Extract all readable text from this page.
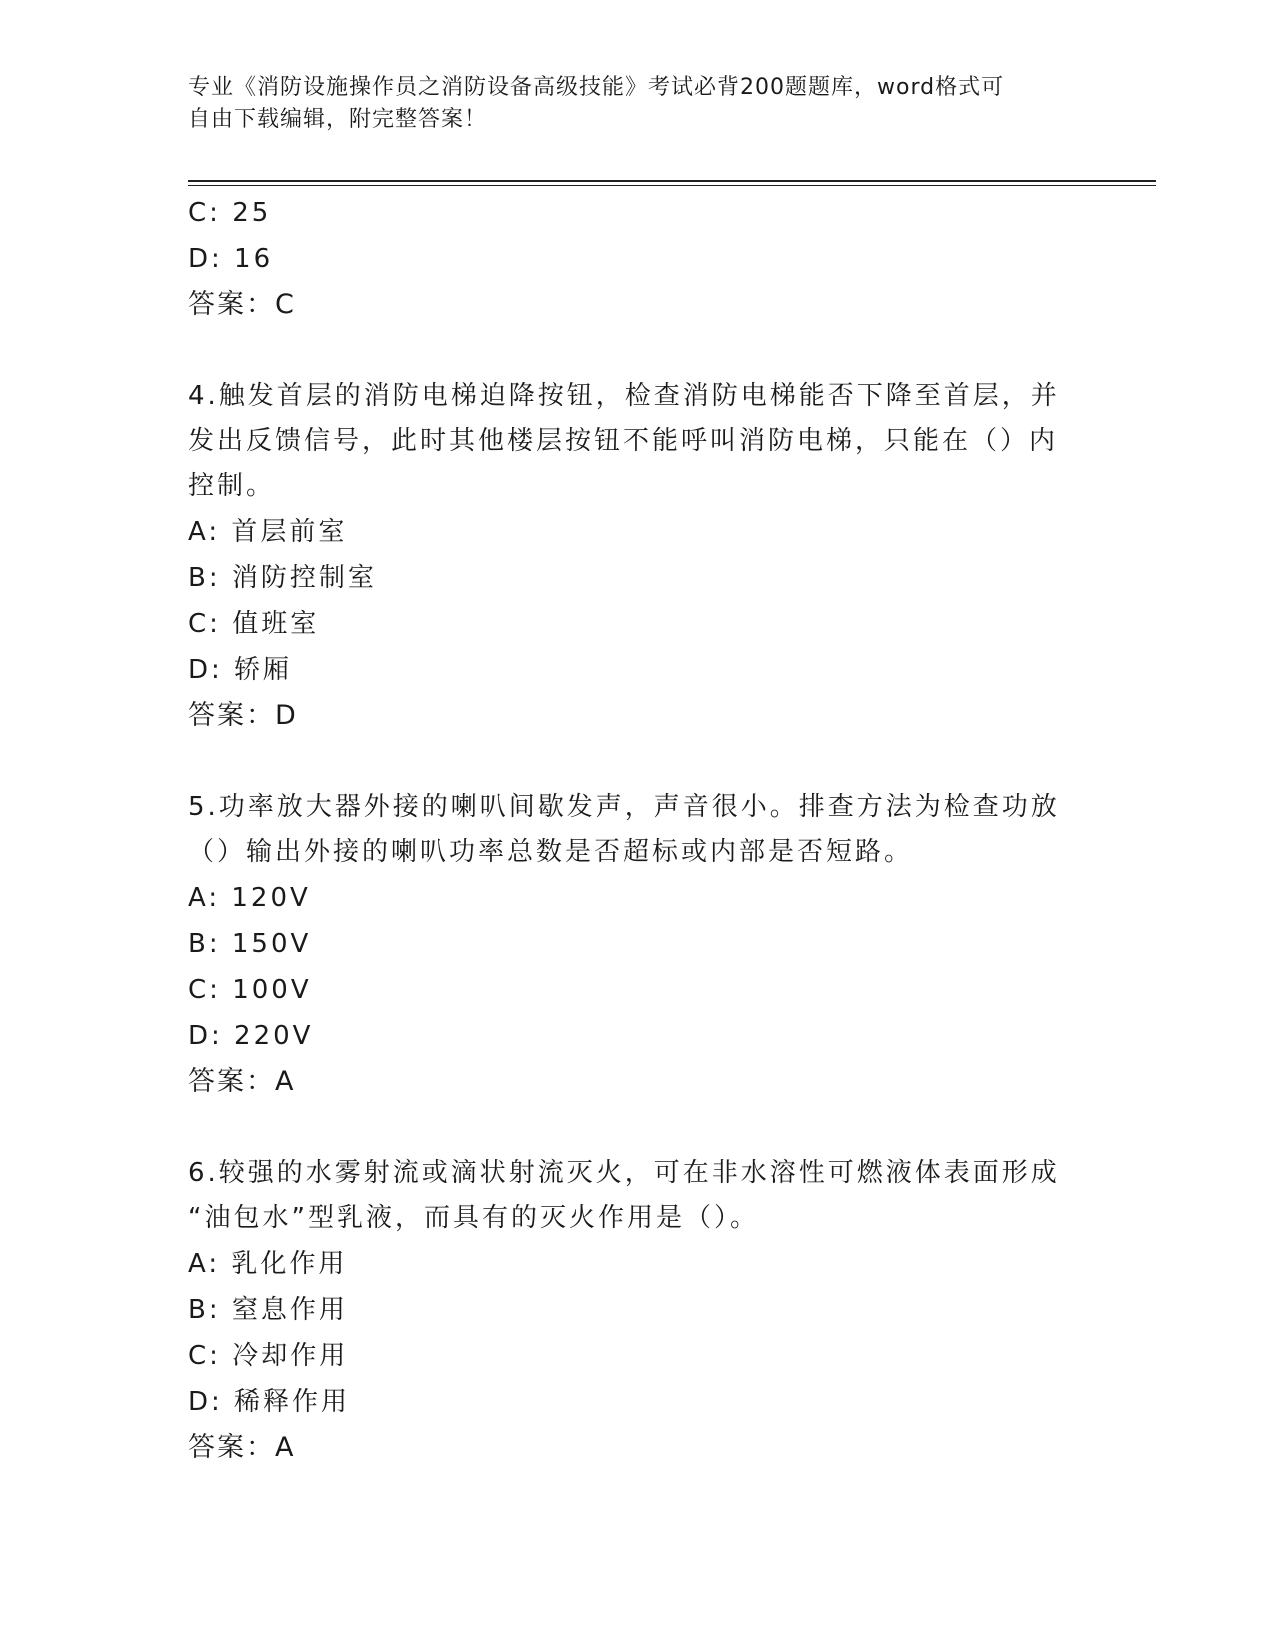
专业《消防设施操作员之消防设备高级技能》考试必背200题题库，word格式可
自由下载编辑，附完整答案！
C: 25
D: 16
答案：C
4.触发首层的消防电梯迫降按钮，检查消防电梯能否下降至首层，并
发出反馈信号，此时其他楼层按钮不能呼叫消防电梯，只能在（）内
控制。
A: 首层前室
B: 消防控制室
C: 值班室
D: 轿厢
答案：D
5.功率放大器外接的喇叭间歇发声，声音很小。排查方法为检查功放
（）输出外接的喇叭功率总数是否超标或内部是否短路。
A: 120V
B: 150V
C: 100V
D: 220V
答案：A
6.较强的水雾射流或滴状射流灭火，可在非水溶性可燃液体表面形成
“油包水”型乳液，而具有的灭火作用是（）。
A: 乳化作用
B: 窒息作用
C: 冷却作用
D: 稀释作用
答案：A
